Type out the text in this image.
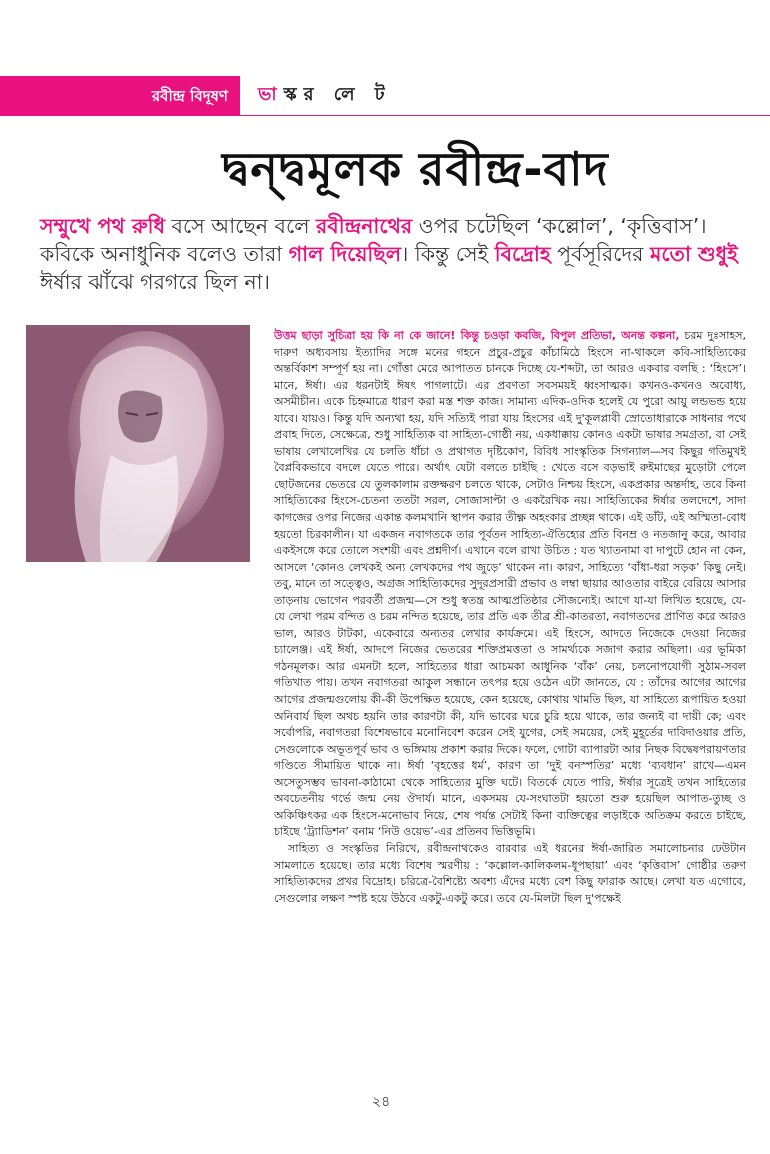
রবীন্দ্র বিদূষণ ভাস্কর লে ট
দ্বন্দ্বমূলক রবীন্দ্র-বাদ
সম্মুখে পথ রুধি বসে আছেন বলে রবীন্দ্রনাথের ওপর চটেছিল ‘কল্লোল’, ‘কৃত্তিবাস’। কবিকে অনাধুনিক বলেও তারা গাল দিয়েছিল। কিন্তু সেই বিদ্রোহ পূর্বসূরিদের মতো শুধুই ঈর্ষার ঝাঁঝে গরগরে ছিল না।

উত্তম ছাড়া সুচিত্রা হয় কি না কে জানে! কিন্তু চওড়া কবজি, বিপুল প্রতিভা, অনন্ত কল্পনা, চরম দুঃসাহস, দারুণ অধ্যবসায় ইত্যাদির সঙ্গে মনের গহনে প্রচুর-প্রচুর কাঁচামিঠে হিংসে না-থাকলে কবি-সাহিত্যিকের অন্তর্বিকাশ সম্পূর্ণ হয় না। গোঁত্তা মেরে আপাতত চানকে দিচ্ছে যে-শব্দটা, তা আরও একবার বলছি : ‘হিংসে’। মানে, ঈর্ষা। এর ধরনটাই ঈষৎ পাগলাটে। এর প্রবণতা সবসময়ই ধ্বংসাত্মক। কখনও-কখনও অবোধ্য, অসমীচীন। একে চিহ্নমাত্রে ধারণ করা মস্ত শক্ত কাজ। সামান্য এদিক-ওদিক হলেই যে পুরো আয়ু লন্ডভন্ড হয়ে যাবে। যায়ও। কিন্তু যদি অন্যথা হয়, যদি সত্যিই পারা যায় হিংসের এই দু'কূলপ্লাবী স্রোতোধারাকে সাধনার পথে প্রবাহ দিতে, সেক্ষেত্রে, শুধু সাহিত্যিক বা সাহিত্য-গোষ্ঠী নয়, একধাক্কায় কোনও একটা ভাষার সমগ্রতা, বা সেই ভাষায় লেখালেখির যে চলতি ধাঁচা ও প্রথাগত দৃষ্টিকোণ, বিবিধ সাংস্কৃতিক সিগন্যাল—সব কিছুর গতিমুখই বৈপ্লবিকভাবে বদলে যেতে পারে। অর্থাৎ যেটা বলতে চাইছি : খেতে বসে বড়ভাই রুইমাছের মুড়োটা পেলে ছোটজনের ভেতরে যে তুলকালাম রক্তক্ষরণ চলতে থাকে, সেটাও নিশ্চয় হিংসে, একপ্রকার অন্তর্দাহ, তবে কিনা সাহিত্যিকের হিংসে-চেতনা ততটা সরল, সোজাসাপ্টা ও একরৈখিক নয়। সাহিত্যিকের ঈর্ষার তলদেশে, সাদা কাগজের ওপর নিজের একান্ত কলমখানি স্থাপন করার তীক্ষ্ণ অহংকার প্রচ্ছন্ন থাকে। এই ডাঁট, এই অস্মিতা-বোধ হয়তো চিরকালীন। যা একজন নবাগতকে তার পূর্বতন সাহিত্য-ঐতিহ্যের প্রতি বিনম্র ও নতজানু করে, আবার একইসঙ্গে করে তোলে সংশয়ী এবং প্রশ্নদীর্ণ। এখানে বলে রাখা উচিত : যত খ্যাতনামা বা দাপুটে হোন না কেন, আসলে ‘কোনও লেখকই অন্য লেখকদের পথ জুড়ে’ থাকেন না। কারণ, সাহিত্যে ‘বাঁধা-ধরা সড়ক’ কিছু নেই। তবু, মানে তা সত্ত্বেও, অগ্রজ সাহিত্যিকদের সুদূরপ্রসারী প্রভাব ও লম্বা ছায়ার আওতার বাইরে বেরিয়ে আসার তাড়নায় ভোগেন পরবর্তী প্রজন্ম—সে শুধু স্বতন্ত্র আত্মপ্রতিষ্ঠার সৌজন্যেই। আগে যা-যা লিখিত হয়েছে, যে-যে লেখা পরম বন্দিত ও চরম নন্দিত হয়েছে, তার প্রতি এক তীব্র শ্রী-কাতরতা, নবাগতদের প্রাণিত করে আরও ভাল, আরও টাটকা, একেবারে অন্যতর লেখার কার্যক্রমে। এই হিংসে, আদতে নিজেকে দেওয়া নিজের চ্যালেঞ্জ। এই ঈর্ষা, আদপে নিজের ভেতরের শক্তিপ্রমত্ততা ও সামর্থ্যকে সজাগ করার অছিলা। এর ভূমিকা গঠনমূলক। আর এমনটা হলে, সাহিত্যের ধারা আচমকা আধুনিক ‘বাঁক’ নেয়, চলনোপযোগী সুঠাম-সবল গতিখাত পায়। তখন নবাগতরা আকুল সন্ধানে তৎপর হয়ে ওঠেন এটা জানতে, যে : তাঁদের আগের আগের আগের প্রজন্মগুলোয় কী-কী উপেক্ষিত হয়েছে, কেন হয়েছে, কোথায় খামতি ছিল, যা সাহিত্যে রূপায়িত হওয়া অনিবার্য ছিল অথচ হয়নি তার কারণটা কী, যদি ভাবের ঘরে চুরি হয়ে থাকে, তার জন্যই বা দায়ী কে; এবং সর্বোপরি, নবাগতরা বিশেষভাবে মনোনিবেশ করেন সেই যুগের, সেই সময়ের, সেই মুহূর্তের দাবিদাওয়ার প্রতি, সেগুলোকে অভূতপূর্ব ভাব ও ভঙ্গিমায় প্রকাশ করার দিকে। ফলে, গোটা ব্যাপারটা আর নিছক বিদ্বেষপরায়ণতার গণ্ডিতে সীমায়িত থাকে না। ঈর্ষা ‘বৃহত্তের ধর্ম’, কারণ তা ‘দুই বনস্পতির’ মধ্যে ‘ব্যবধান’ রাখে—এমন অসেতুসম্ভব ভাবনা-কাঠামো থেকে সাহিত্যের মুক্তি ঘটে। বিতর্কে যেতে পারি, ঈর্ষার সূত্রেই তখন সাহিত্যের অবচেতনীয় গর্ভে জন্ম নেয় ঔদার্য। মানে, একসময় যে-সংঘাতটা হয়তো শুরু হয়েছিল আপাত-তুচ্ছ ও অকিঞ্চিৎকর এক হিংসে-মনোভাব নিয়ে, শেষ পর্যন্ত সেটাই কিনা ব্যক্তিত্বের লড়াইকে অতিক্রম করতে চাইছে, চাইছে ‘ট্র্যাডিশন’ বনাম ‘নিউ ওয়েভ’-এর প্রতিনব ভিত্তিভূমি।

সাহিত্য ও সংস্কৃতির নিরিখে, রবীন্দ্রনাথকেও বারবার এই ধরনের ঈর্ষা-জারিত সমালোচনার ঢেউটান সামলাতে হয়েছে। তার মধ্যে বিশেষ স্মরণীয় : ‘কল্লোল-কালিকলম-ধূপছায়া’ এবং ‘কৃত্তিবাস’ গোষ্ঠীর তরুণ সাহিত্যিকদের প্রখর বিদ্রোহ। চরিত্রে-বৈশিষ্ট্যে অবশ্য এঁদের মধ্যে বেশ কিছু ফারাক আছে। লেখা যত এগোবে, সেগুলোর লক্ষণ স্পষ্ট হয়ে উঠবে একটু-একটু করে। তবে যে-মিলটা ছিল দু'পক্ষেই

২৪
